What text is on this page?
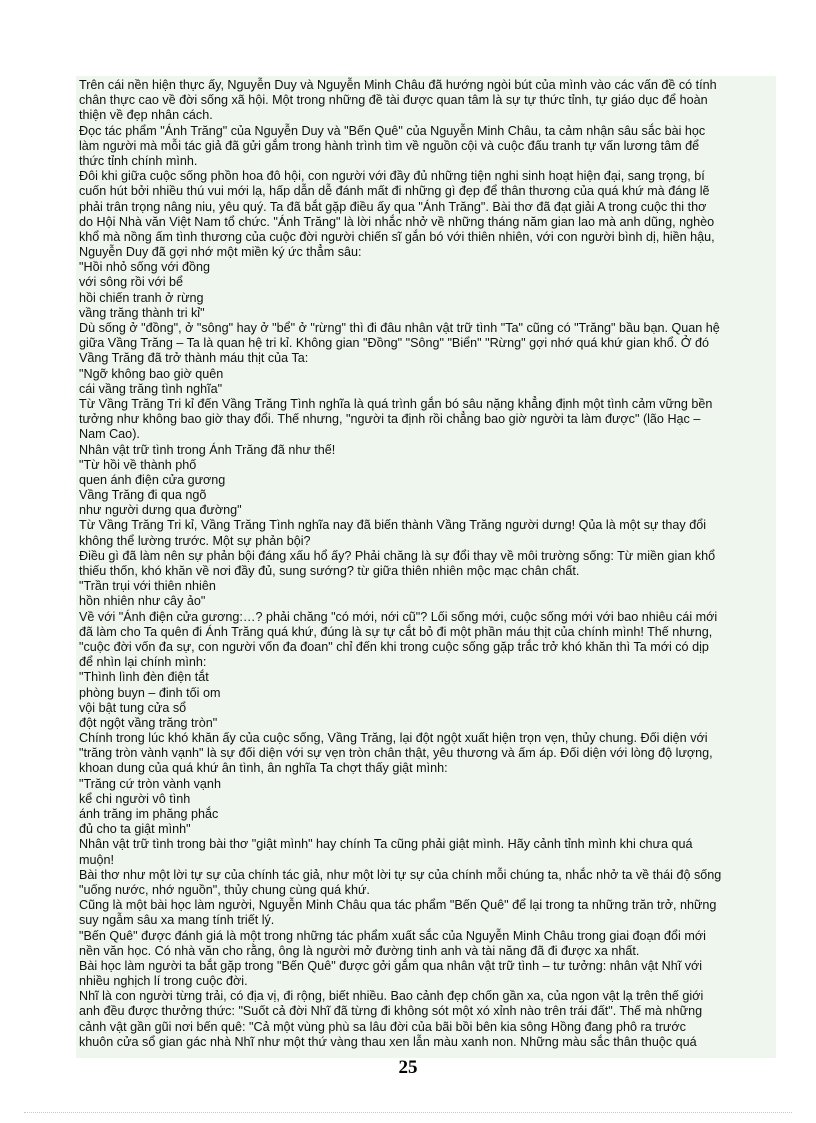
Trên cái nền hiện thực ấy, Nguyễn Duy và Nguyễn Minh Châu đã hướng ngòi bút của mình vào các vấn đề có tính
chân thực cao về đời sống xã hội. Một trong những đề tài được quan tâm là sự tự thức tỉnh, tự giáo dục để hoàn
thiện về đẹp nhân cách.
Đọc tác phẩm "Ánh Trăng" của Nguyễn Duy và "Bến Quê" của Nguyễn Minh Châu, ta cảm nhận sâu sắc bài học
làm người mà mỗi tác giả đã gửi gắm trong hành trình tìm về nguồn cội và cuộc đấu tranh tự vấn lương tâm để
thức tỉnh chính mình.
Đôi khi giữa cuộc sống phồn hoa đô hội, con người với đầy đủ những tiện nghi sinh hoạt hiện đại, sang trọng, bí
cuốn hút bởi nhiều thú vui mới lạ, hấp dẫn dễ đánh mất đi những gì đẹp để thân thương của quá khứ mà đáng lẽ
phải trân trọng nâng niu, yêu quý. Ta đã bắt gặp điều ấy qua "Ánh Trăng". Bài thơ đã đạt giải A trong cuộc thi thơ
do Hội Nhà văn Việt Nam tổ chức. "Ánh Trăng" là lời nhắc nhở về những tháng năm gian lao mà anh dũng, nghèo
khổ mà nồng ấm tình thương của cuộc đời người chiến sĩ gắn bó với thiên nhiên, với con người bình dị, hiền hậu,
Nguyễn Duy đã gợi nhớ một miền ký ức thẳm sâu:
"Hồi nhỏ sống với đồng
với sông rồi với bể
hồi chiến tranh ở rừng
vầng trăng thành tri kỉ"
Dù sống ở "đồng", ở "sông" hay ở "bể" ở "rừng" thì đi đâu nhân vật trữ tình "Ta" cũng có "Trăng" bầu bạn. Quan hệ
giữa Vầng Trăng – Ta là quan hệ tri kỉ. Không gian "Đồng" "Sông" "Biển" "Rừng" gợi nhớ quá khứ gian khổ. Ở đó
Vầng Trăng đã trở thành máu thịt của Ta:
"Ngỡ không bao giờ quên
cái vầng trăng tình nghĩa"
Từ Vầng Trăng Tri kỉ đến Vầng Trăng Tình nghĩa là quá trình gắn bó sâu nặng khẳng định một tình cảm vững bền
tưởng như không bao giờ thay đổi. Thế nhưng, "người ta định rồi chẳng bao giờ người ta làm được" (lão Hạc –
Nam Cao).
Nhân vật trữ tình trong Ánh Trăng đã như thế!
"Từ hồi về thành phố
quen ánh điện cửa gương
Vầng Trăng đi qua ngõ
như người dưng qua đường"
Từ Vầng Trăng Tri kỉ, Vầng Trăng Tình nghĩa nay đã biến thành Vầng Trăng người dưng! Qủa là một sự thay đổi
không thể lường trước. Một sự phản bội?
Điều gì đã làm nên sự phản bội đáng xấu hổ ấy? Phải chăng là sự đổi thay về môi trường sống: Từ miền gian khổ
thiếu thốn, khó khăn về nơi đầy đủ, sung sướng? từ giữa thiên nhiên mộc mạc chân chất.
"Trần trụi với thiên nhiên
hồn nhiên như cây ảo"
Về với "Ánh điện cửa gương:…? phải chăng "có mới, nới cũ"? Lối sống mới, cuộc sống mới với bao nhiêu cái mới
đã làm cho Ta quên đi Ánh Trăng quá khứ, đúng là sự tự cắt bỏ đi một phần máu thịt của chính mình! Thế nhưng,
"cuộc đời vốn đa sự, con người vốn đa đoan" chỉ đến khi trong cuộc sống gặp trắc trở khó khăn thì Ta mới có dịp
để nhìn lại chính mình:
"Thình lình đèn điện tắt
phòng buyn – đinh tối om
vội bật tung cửa sổ
đột ngột vầng trăng tròn"
Chính trong lúc khó khăn ấy của cuộc sống, Vầng Trăng, lại đột ngột xuất hiện trọn vẹn, thủy chung. Đối diện với
"trăng tròn vành vạnh" là sự đối diện với sự vẹn tròn chân thật, yêu thương và ấm áp. Đối diện với lòng độ lượng,
khoan dung của quá khứ ân tình, ân nghĩa Ta chợt thấy giật mình:
"Trăng cứ tròn vành vạnh
kể chi người vô tình
ánh trăng im phăng phắc
đủ cho ta giật mình"
Nhân vật trữ tình trong bài thơ "giật mình" hay chính Ta cũng phải giật mình. Hãy cảnh tỉnh mình khi chưa quá
muộn!
Bài thơ như một lời tự sự của chính tác giả, như một lời tự sự của chính mỗi chúng ta, nhắc nhở ta về thái độ sống
"uống nước, nhớ nguồn", thủy chung cùng quá khứ.
Cũng là một bài học làm người, Nguyễn Minh Châu qua tác phẩm "Bến Quê" để lại trong ta những trăn trở, những
suy ngẫm sâu xa mang tính triết lý.
"Bến Quê" được đánh giá là một trong những tác phẩm xuất sắc của Nguyễn Minh Châu trong giai đoạn đổi mới
nền văn học. Có nhà văn cho rằng, ông là người mở đường tinh anh và tài năng đã đi được xa nhất.
Bài học làm người ta bắt gặp trong "Bến Quê" được gởi gắm qua nhân vật trữ tình – tư tưởng: nhân vật Nhĩ với
nhiều nghịch lí trong cuộc đời.
Nhĩ là con người từng trải, có địa vị, đi rộng, biết nhiều. Bao cảnh đẹp chốn gần xa, của ngon vật lạ trên thế giới
anh đều được thưởng thức: "Suốt cả đời Nhĩ đã từng đi không sót một xó xỉnh nào trên trái đất". Thế mà những
cảnh vật gần gũi nơi bến quê: "Cả một vùng phù sa lâu đời của bãi bồi bên kia sông Hồng đang phô ra trước
khuôn cửa sổ gian gác nhà Nhĩ như một thứ vàng thau xen lẫn màu xanh non. Những màu sắc thân thuộc quá
25
